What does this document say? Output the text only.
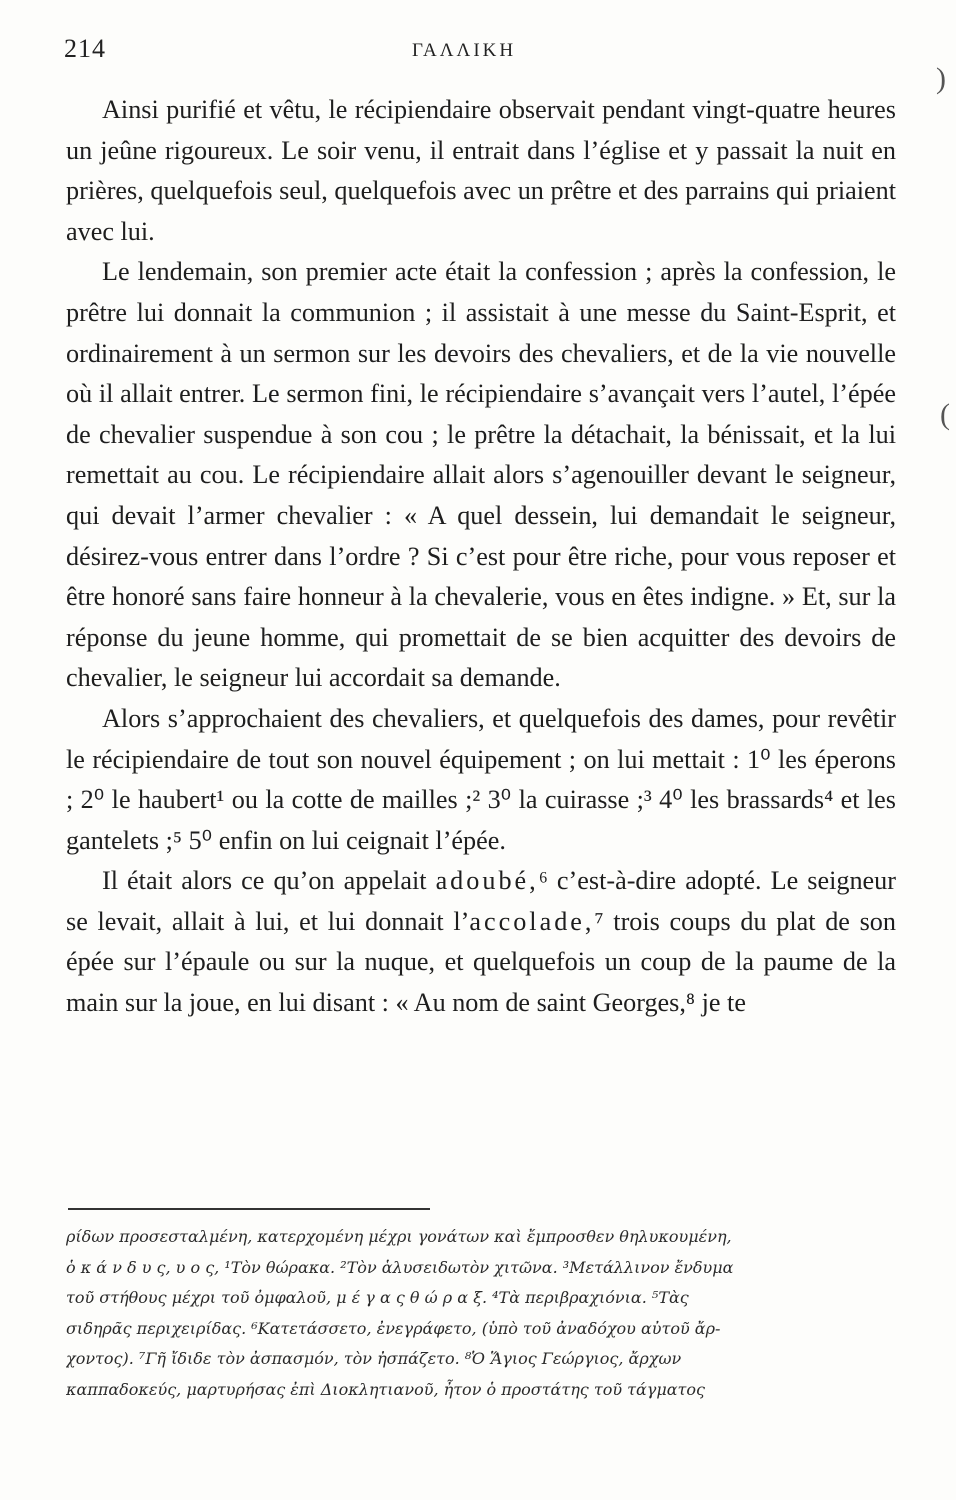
214	ΓΑΛΛΙΚΗ
)
(

Ainsi purifié et vêtu, le récipiendaire observait pendant vingt-quatre heures un jeûne rigoureux. Le soir venu, il entrait dans l’église et y passait la nuit en prières, quelquefois seul, quelquefois avec un prêtre et des parrains qui priaient avec lui.

Le lendemain, son premier acte était la confession ; après la confession, le prêtre lui donnait la communion ; il assistait à une messe du Saint-Esprit, et ordinairement à un sermon sur les devoirs des chevaliers, et de la vie nouvelle où il allait entrer. Le sermon fini, le récipiendaire s’avançait vers l’autel, l’épée de chevalier suspendue à son cou ; le prêtre la détachait, la bénissait, et la lui remettait au cou. Le récipiendaire allait alors s’agenouiller devant le seigneur, qui devait l’armer chevalier : « A quel dessein, lui demandait le seigneur, désirez-vous entrer dans l’ordre ? Si c’est pour être riche, pour vous reposer et être honoré sans faire honneur à la chevalerie, vous en êtes indigne. » Et, sur la réponse du jeune homme, qui promettait de se bien acquitter des devoirs de chevalier, le seigneur lui accordait sa demande.

Alors s’approchaient des chevaliers, et quelquefois des dames, pour revêtir le récipiendaire de tout son nouvel équipement ; on lui mettait : 1⁰ les éperons ; 2⁰ le haubert¹ ou la cotte de mailles ;² 3⁰ la cuirasse ;³ 4⁰ les brassards⁴ et les gantelets ;⁵ 5⁰ enfin on lui ceignait l’épée.

Il était alors ce qu’on appelait adoubé,⁶ c’est-à-dire adopté. Le seigneur se levait, allait à lui, et lui donnait l’accolade,⁷ trois coups du plat de son épée sur l’épaule ou sur la nuque, et quelquefois un coup de la paume de la main sur la joue, en lui disant : « Au nom de saint Georges,⁸ je te

ρίδων προσεσταλμένη, κατερχομένη μέχρι γονάτων καὶ ἔμπροσθεν θηλυκουμένη,
ὁ κ ά ν δ υ ς, υ ο ς, ¹Τὸν θώρακα. ²Τὸν ἁλυσειδωτὸν χιτῶνα. ³Μετάλλινον ἔνδυμα
τοῦ στήθους μέχρι τοῦ ὀμφαλοῦ, μ έ γ α ς θ ώ ρ α ξ. ⁴Τὰ περιβραχιόνια. ⁵Τὰς
σιδηρᾶς περιχειρίδας. ⁶Κατετάσσετο, ἐνεγράφετο, (ὑπὸ τοῦ ἀναδόχου αὐτοῦ ἄρ-
χοντος). ⁷Γῆ ἴδιδε τὸν ἀσπασμόν, τὸν ἠσπάζετο. ⁸Ὁ Ἅγιος Γεώργιος, ἄρχων
καππαδοκεύς, μαρτυρήσας ἐπὶ Διοκλητιανοῦ, ἦτον ὁ προστάτης τοῦ τάγματος
